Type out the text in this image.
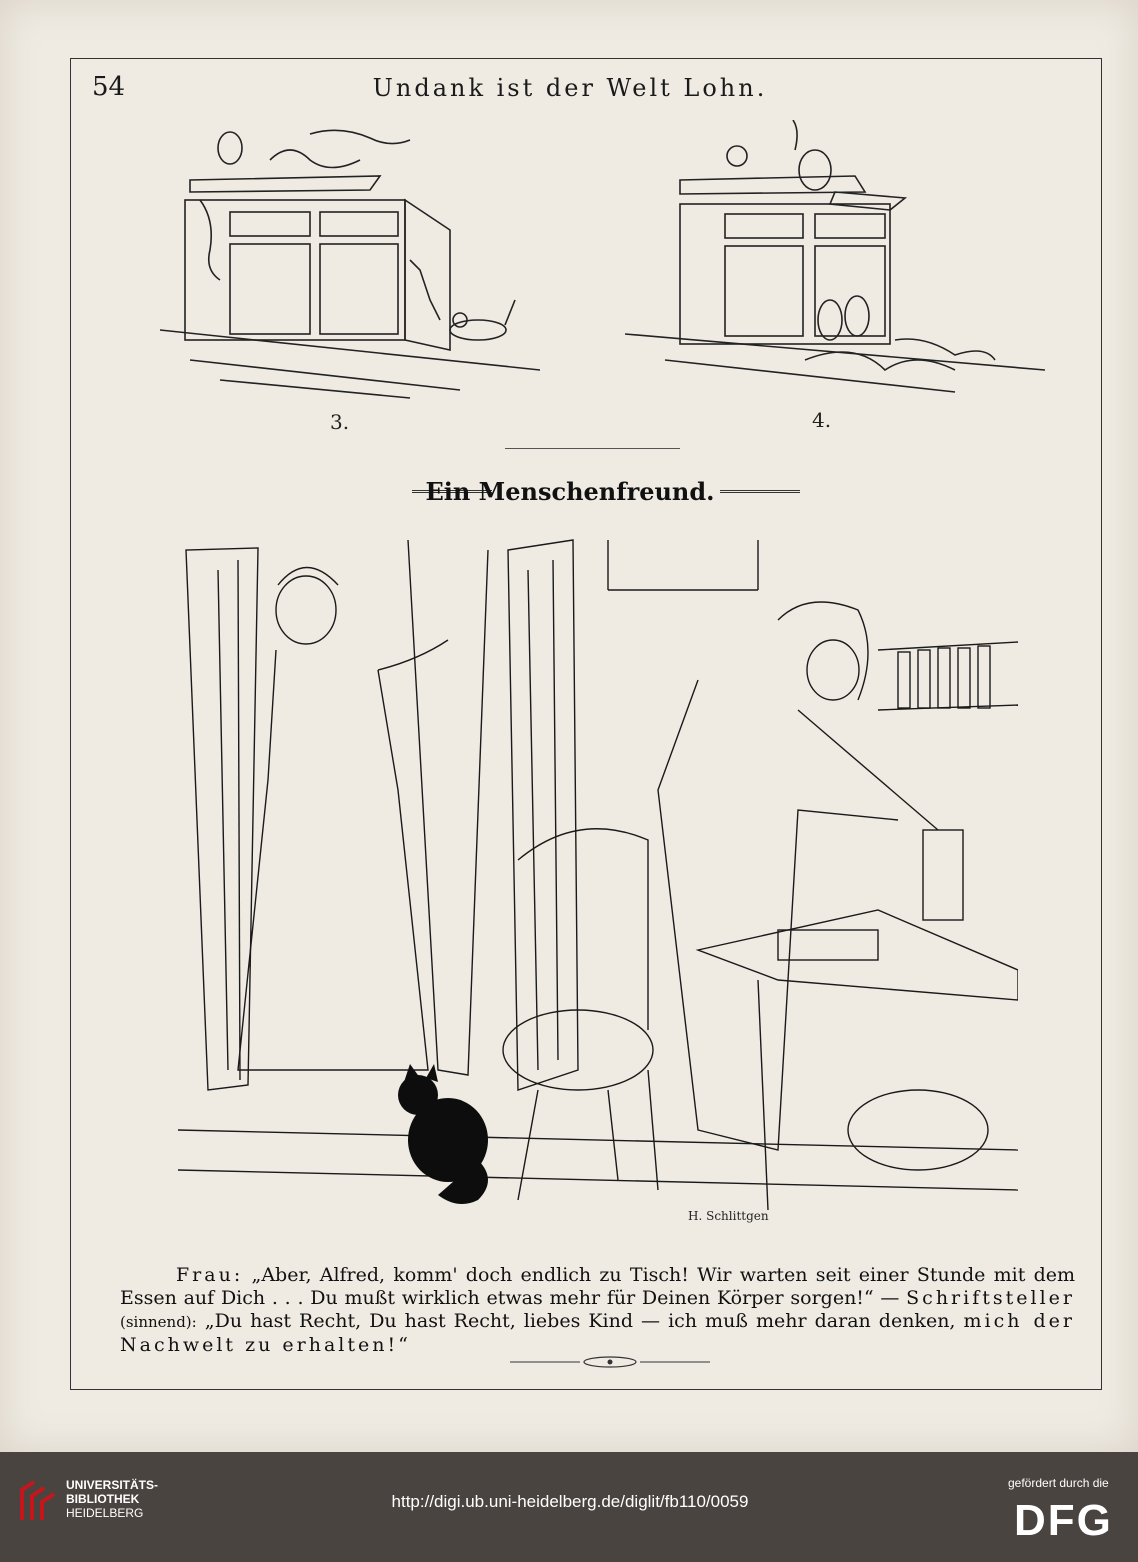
54	Undank ist der Welt Lohn.
3.	4.
Ein Menschenfreund.
H. Schlittgen

Frau: „Aber, Alfred, komm' doch endlich zu Tisch! Wir warten seit einer Stunde mit dem Essen auf Dich . . . Du mußt wirklich etwas mehr für Deinen Körper sorgen!“ — Schriftsteller (sinnend): „Du hast Recht, Du hast Recht, liebes Kind — ich muß mehr daran denken, mich der Nachwelt zu erhalten!“

UNIVERSITÄTS-
BIBLIOTHEK
HEIDELBERG
http://digi.ub.uni-heidelberg.de/diglit/fb110/0059
gefördert durch die
DFG
